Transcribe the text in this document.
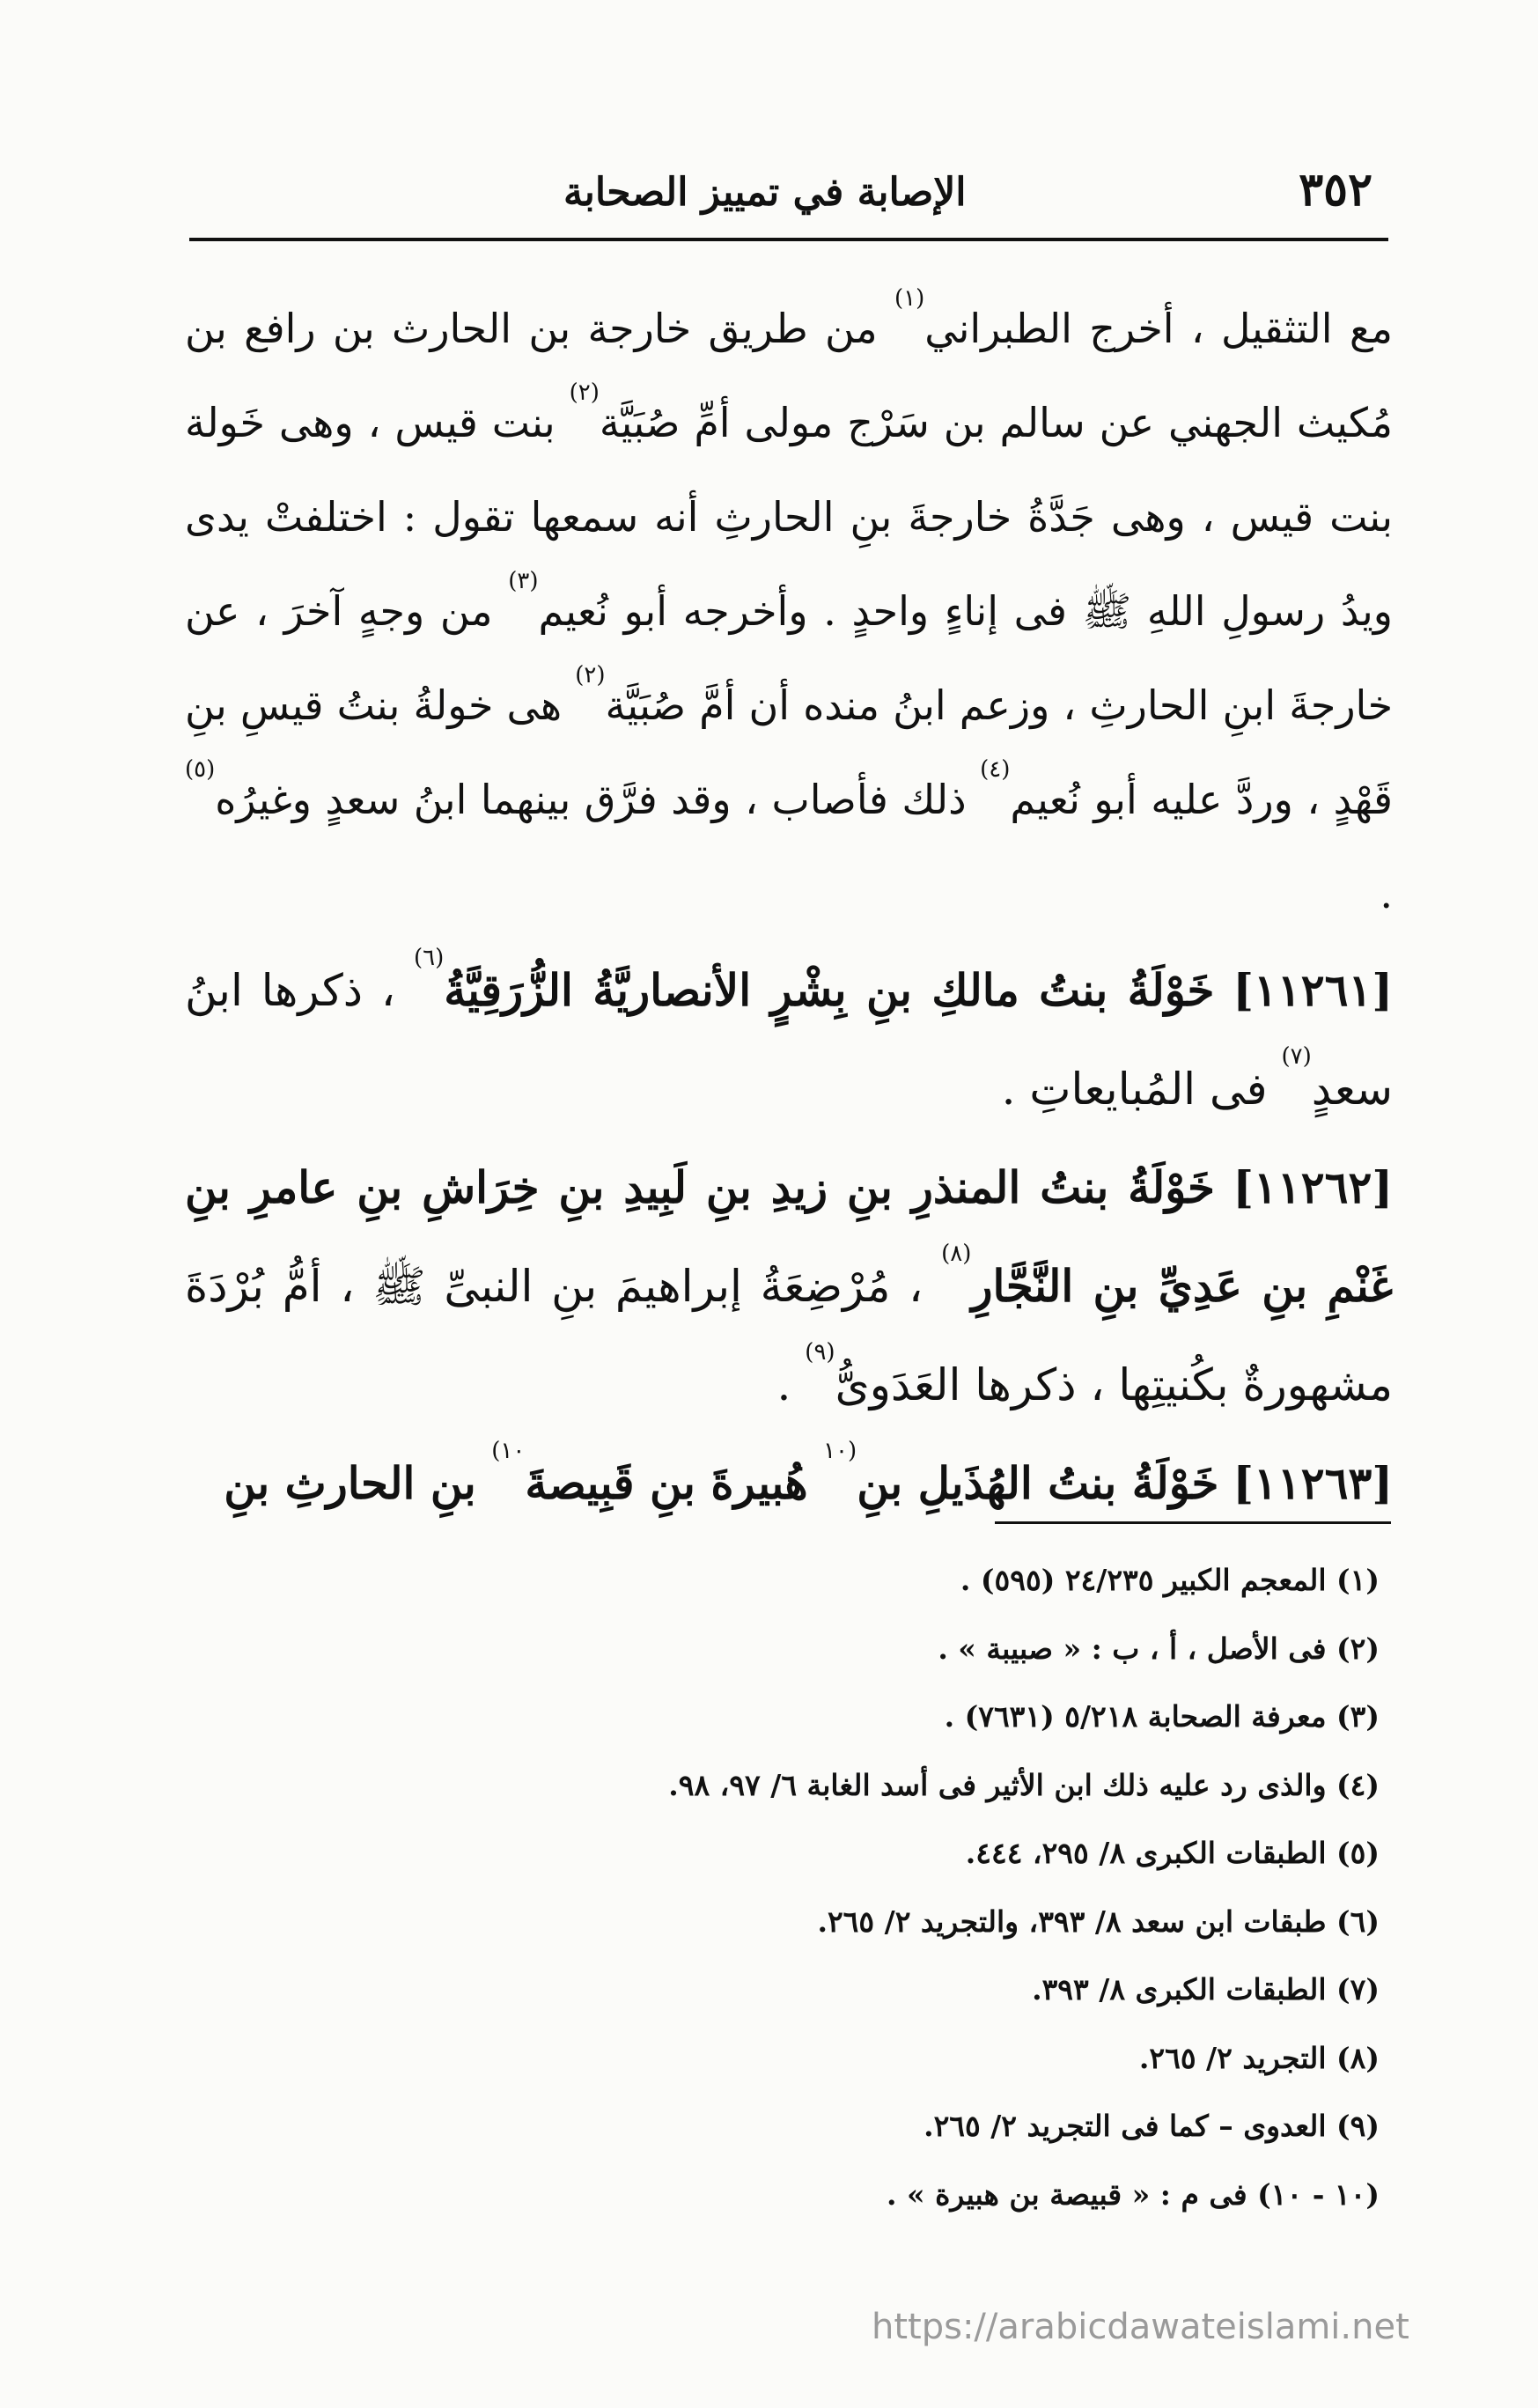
الإصابة في تمييز الصحابة	٣٥٢

مع التثقيل ، أخرج الطبراني$^{(١)}$ من طريق خارجة بن الحارث بن رافع بن مُكيث الجهني عن سالم بن سَرْج مولى أمِّ صُبَيَّة$^{(٢)}$ بنت قيس ، وهى خَولة بنت قيس ، وهى جَدَّةُ خارجةَ بنِ الحارثِ أنه سمعها تقول : اختلفتْ يدى ويدُ رسولِ اللهِ ﷺ فى إناءٍ واحدٍ . وأخرجه أبو نُعيم$^{(٣)}$ من وجهٍ آخرَ ، عن خارجةَ ابنِ الحارثِ ، وزعم ابنُ منده أن أمَّ صُبَيَّة$^{(٢)}$ هى خولةُ بنتُ قيسِ بنِ قَهْدٍ ، وردَّ عليه أبو نُعيم$^{(٤)}$ ذلك فأصاب ، وقد فرَّق بينهما ابنُ سعدٍ وغيرُه$^{(٥)}$ .

[١١٢٦١] خَوْلَةُ بنتُ مالكِ بنِ بِشْرٍ الأنصاريَّةُ الزُّرَقِيَّةُ$^{(٦)}$ ، ذكرها ابنُ سعدٍ$^{(٧)}$ فى المُبايعاتِ .

[١١٢٦٢] خَوْلَةُ بنتُ المنذرِ بنِ زيدِ بنِ لَبِيدِ بنِ خِرَاشِ بنِ عامرِ بنِ غَنْمِ بنِ عَدِيِّ بنِ النَّجَّارِ$^{(٨)}$ ، مُرْضِعَةُ إبراهيمَ بنِ النبىِّ ﷺ ، أمُّ بُرْدَةَ مشهورةٌ بكُنيتِها ، ذكرها العَدَوىُّ$^{(٩)}$ .

[١١٢٦٣] خَوْلَةُ بنتُ الهُذَيلِ بنِ$^{(١٠}$ هُبيرةَ بنِ قَبِيصةَ$^{١٠)}$ بنِ الحارثِ بنِ

(١) المعجم الكبير ٢٤/٢٣٥ (٥٩٥) .
(٢) فى الأصل ، أ ، ب : « صبيبة » .
(٣) معرفة الصحابة ٥/٢١٨ (٧٦٣١) .
(٤) والذى رد عليه ذلك ابن الأثير فى أسد الغابة ٦/ ٩٧، ٩٨.
(٥) الطبقات الكبرى ٨/ ٢٩٥، ٤٤٤.
(٦) طبقات ابن سعد ٨/ ٣٩٣، والتجريد ٢/ ٢٦٥.
(٧) الطبقات الكبرى ٨/ ٣٩٣.
(٨) التجريد ٢/ ٢٦٥.
(٩) العدوى – كما فى التجريد ٢/ ٢٦٥.
(١٠ - ١٠) فى م : « قبيصة بن هبيرة » .
https://arabicdawateislami.net
